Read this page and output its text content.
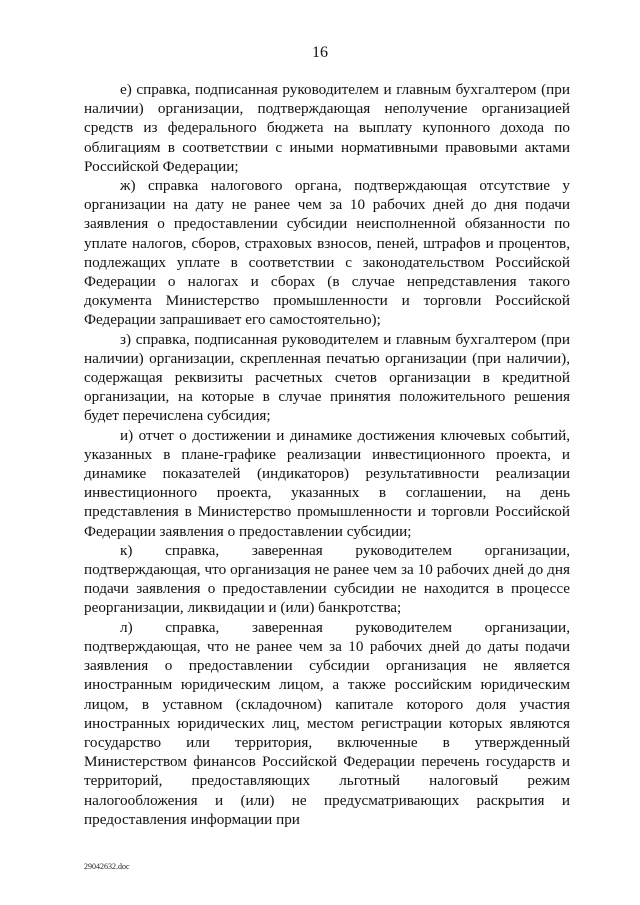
16

е) справка, подписанная руководителем и главным бухгалтером (при наличии) организации, подтверждающая неполучение организацией средств из федерального бюджета на выплату купонного дохода по облигациям в соответствии с иными нормативными правовыми актами Российской Федерации;

ж) справка налогового органа, подтверждающая отсутствие у организации на дату не ранее чем за 10 рабочих дней до дня подачи заявления о предоставлении субсидии неисполненной обязанности по уплате налогов, сборов, страховых взносов, пеней, штрафов и процентов, подлежащих уплате в соответствии с законодательством Российской Федерации о налогах и сборах (в случае непредставления такого документа Министерство промышленности и торговли Российской Федерации запрашивает его самостоятельно);

з) справка, подписанная руководителем и главным бухгалтером (при наличии) организации, скрепленная печатью организации (при наличии), содержащая реквизиты расчетных счетов организации в кредитной организации, на которые в случае принятия положительного решения будет перечислена субсидия;

и) отчет о достижении и динамике достижения ключевых событий, указанных в плане-графике реализации инвестиционного проекта, и динамике показателей (индикаторов) результативности реализации инвестиционного проекта, указанных в соглашении, на день представления в Министерство промышленности и торговли Российской Федерации заявления о предоставлении субсидии;

к) справка, заверенная руководителем организации, подтверждающая, что организация не ранее чем за 10 рабочих дней до дня подачи заявления о предоставлении субсидии не находится в процессе реорганизации, ликвидации и (или) банкротства;

л) справка, заверенная руководителем организации, подтверждающая, что не ранее чем за 10 рабочих дней до даты подачи заявления о предоставлении субсидии организация не является иностранным юридическим лицом, а также российским юридическим лицом, в уставном (складочном) капитале которого доля участия иностранных юридических лиц, местом регистрации которых являются государство или территория, включенные в утвержденный Министерством финансов Российской Федерации перечень государств и территорий, предоставляющих льготный налоговый режим налогообложения и (или) не предусматривающих раскрытия и предоставления информации при

29042632.doc
